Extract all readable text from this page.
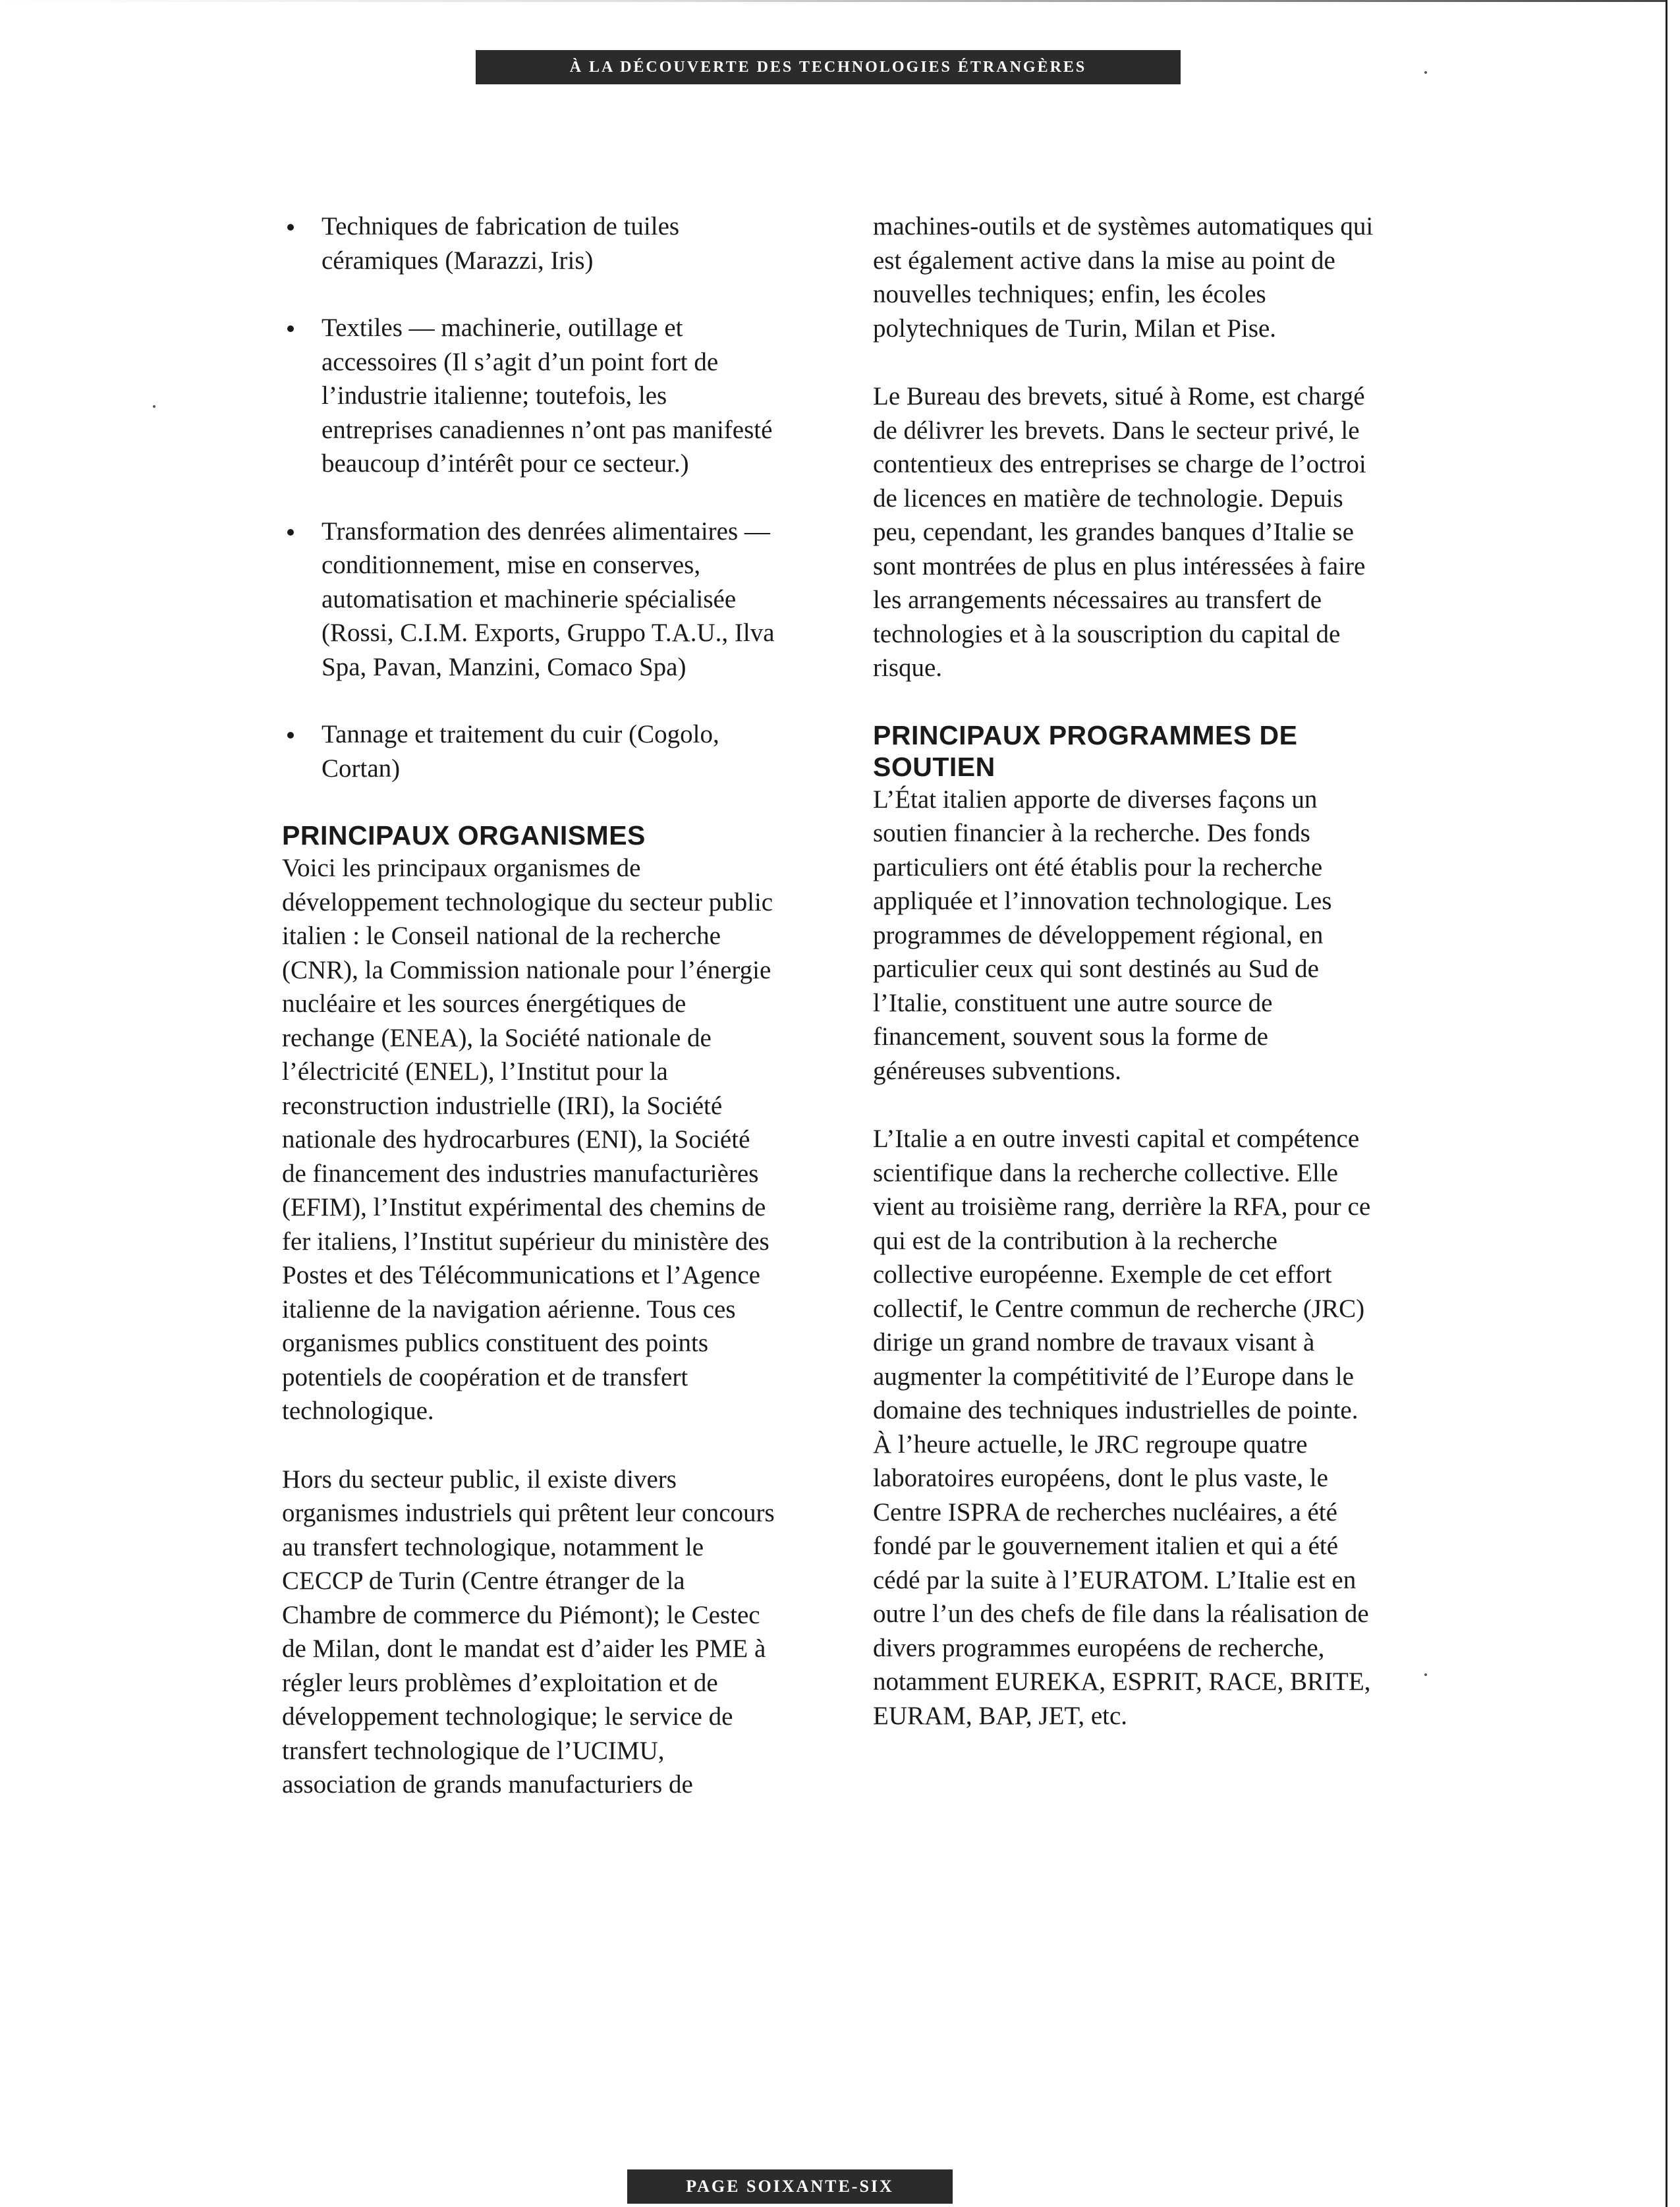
À LA DÉCOUVERTE DES TECHNOLOGIES ÉTRANGÈRES
Techniques de fabrication de tuiles céramiques (Marazzi, Iris)
Textiles — machinerie, outillage et accessoires (Il s’agit d’un point fort de l’industrie italienne; toutefois, les entreprises canadiennes n’ont pas manifesté beaucoup d’intérêt pour ce secteur.)
Transformation des denrées alimentaires — conditionnement, mise en conserves, automatisation et machinerie spécialisée (Rossi, C.I.M. Exports, Gruppo T.A.U., Ilva Spa, Pavan, Manzini, Comaco Spa)
Tannage et traitement du cuir (Cogolo, Cortan)
PRINCIPAUX ORGANISMES

Voici les principaux organismes de développement technologique du secteur public italien : le Conseil national de la recherche (CNR), la Commission nationale pour l’énergie nucléaire et les sources énergétiques de rechange (ENEA), la Société nationale de l’électricité (ENEL), l’Institut pour la reconstruction industrielle (IRI), la Société nationale des hydrocarbures (ENI), la Société de financement des industries manufacturières (EFIM), l’Institut expérimental des chemins de fer italiens, l’Institut supérieur du ministère des Postes et des Télécommunications et l’Agence italienne de la navigation aérienne. Tous ces organismes publics constituent des points potentiels de coopération et de transfert technologique.

Hors du secteur public, il existe divers organismes industriels qui prêtent leur concours au transfert technologique, notamment le CECCP de Turin (Centre étranger de la Chambre de commerce du Piémont); le Cestec de Milan, dont le mandat est d’aider les PME à régler leurs problèmes d’exploitation et de développement technologique; le service de transfert technologique de l’UCIMU, association de grands manufacturiers de

machines-outils et de systèmes automatiques qui est également active dans la mise au point de nouvelles techniques; enfin, les écoles polytechniques de Turin, Milan et Pise.

Le Bureau des brevets, situé à Rome, est chargé de délivrer les brevets. Dans le secteur privé, le contentieux des entreprises se charge de l’octroi de licences en matière de technologie. Depuis peu, cependant, les grandes banques d’Italie se sont montrées de plus en plus intéressées à faire les arrangements nécessaires au transfert de technologies et à la souscription du capital de risque.

PRINCIPAUX PROGRAMMES DE SOUTIEN

L’État italien apporte de diverses façons un soutien financier à la recherche. Des fonds particuliers ont été établis pour la recherche appliquée et l’innovation technologique. Les programmes de développement régional, en particulier ceux qui sont destinés au Sud de l’Italie, constituent une autre source de financement, souvent sous la forme de généreuses subventions.

L’Italie a en outre investi capital et compétence scientifique dans la recherche collective. Elle vient au troisième rang, derrière la RFA, pour ce qui est de la contribution à la recherche collective européenne. Exemple de cet effort collectif, le Centre commun de recherche (JRC) dirige un grand nombre de travaux visant à augmenter la compétitivité de l’Europe dans le domaine des techniques industrielles de pointe. À l’heure actuelle, le JRC regroupe quatre laboratoires européens, dont le plus vaste, le Centre ISPRA de recherches nucléaires, a été fondé par le gouvernement italien et qui a été cédé par la suite à l’EURATOM. L’Italie est en outre l’un des chefs de file dans la réalisation de divers programmes européens de recherche, notamment EUREKA, ESPRIT, RACE, BRITE, EURAM, BAP, JET, etc.

PAGE SOIXANTE-SIX
